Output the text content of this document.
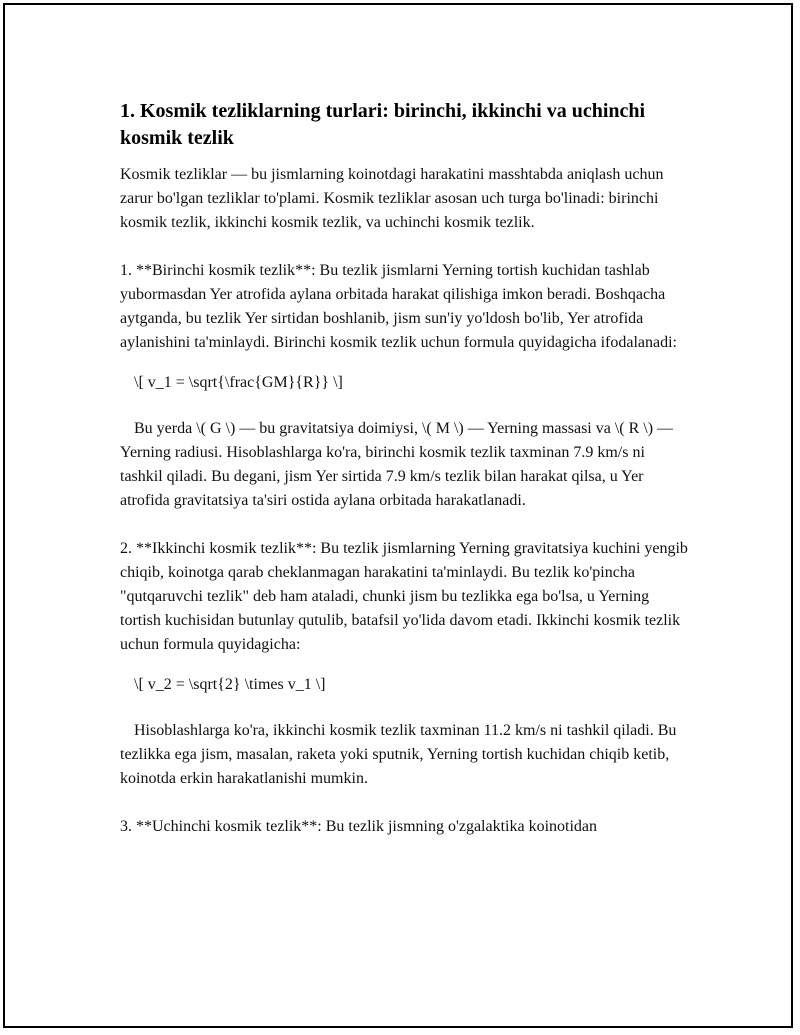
1. Kosmik tezliklarning turlari: birinchi, ikkinchi va uchinchi kosmik tezlik

Kosmik tezliklar — bu jismlarning koinotdagi harakatini masshtabda aniqlash uchun zarur bo'lgan tezliklar to'plami. Kosmik tezliklar asosan uch turga bo'linadi: birinchi kosmik tezlik, ikkinchi kosmik tezlik, va uchinchi kosmik tezlik.

1. **Birinchi kosmik tezlik**: Bu tezlik jismlarni Yerning tortish kuchidan tashlab yubormasdan Yer atrofida aylana orbitada harakat qilishiga imkon beradi. Boshqacha aytganda, bu tezlik Yer sirtidan boshlanib, jism sun'iy yo'ldosh bo'lib, Yer atrofida aylanishini ta'minlaydi. Birinchi kosmik tezlik uchun formula quyidagicha ifodalanadi:

\[ v_1 = \sqrt{\frac{GM}{R}} \]

Bu yerda \( G \) — bu gravitatsiya doimiysi, \( M \) — Yerning massasi va \( R \) — Yerning radiusi. Hisoblashlarga ko'ra, birinchi kosmik tezlik taxminan 7.9 km/s ni tashkil qiladi. Bu degani, jism Yer sirtida 7.9 km/s tezlik bilan harakat qilsa, u Yer atrofida gravitatsiya ta'siri ostida aylana orbitada harakatlanadi.

2. **Ikkinchi kosmik tezlik**: Bu tezlik jismlarning Yerning gravitatsiya kuchini yengib chiqib, koinotga qarab cheklanmagan harakatini ta'minlaydi. Bu tezlik ko'pincha "qutqaruvchi tezlik" deb ham ataladi, chunki jism bu tezlikka ega bo'lsa, u Yerning tortish kuchisidan butunlay qutulib, batafsil yo'lida davom etadi. Ikkinchi kosmik tezlik uchun formula quyidagicha:

\[ v_2 = \sqrt{2} \times v_1 \]

Hisoblashlarga ko'ra, ikkinchi kosmik tezlik taxminan 11.2 km/s ni tashkil qiladi. Bu tezlikka ega jism, masalan, raketa yoki sputnik, Yerning tortish kuchidan chiqib ketib, koinotda erkin harakatlanishi mumkin.

3. **Uchinchi kosmik tezlik**: Bu tezlik jismning o'zgalaktika koinotidan
